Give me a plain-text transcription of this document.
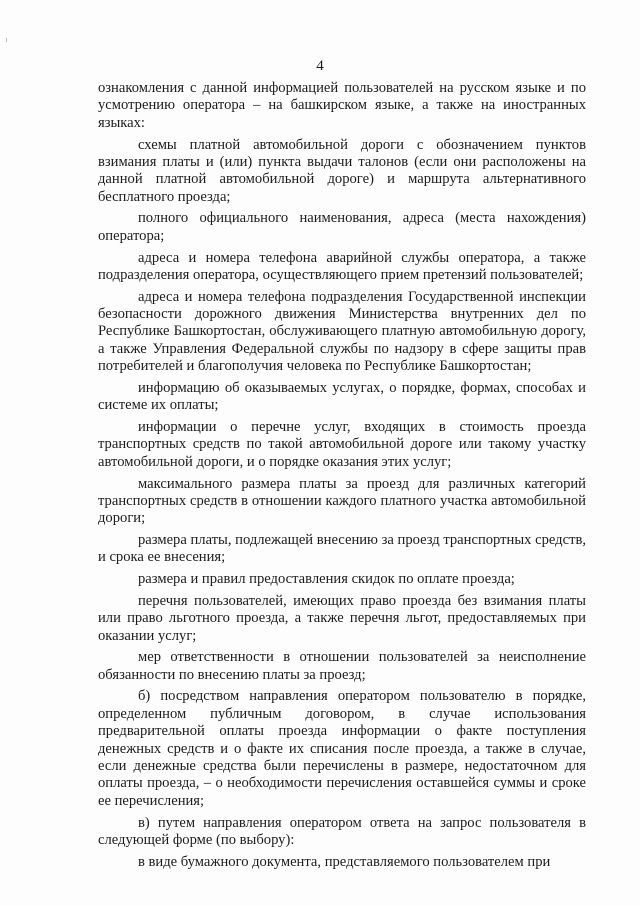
4

ознакомления с данной информацией пользователей на русском языке и по усмотрению оператора – на башкирском языке, а также на иностранных языках:

схемы платной автомобильной дороги с обозначением пунктов взимания платы и (или) пункта выдачи талонов (если они расположены на данной платной автомобильной дороге) и маршрута альтернативного бесплатного проезда;

полного официального наименования, адреса (места нахождения) оператора;

адреса и номера телефона аварийной службы оператора, а также подразделения оператора, осуществляющего прием претензий пользователей;

адреса и номера телефона подразделения Государственной инспекции безопасности дорожного движения Министерства внутренних дел по Республике Башкортостан, обслуживающего платную автомобильную дорогу, а также Управления Федеральной службы по надзору в сфере защиты прав потребителей и благополучия человека по Республике Башкортостан;

информацию об оказываемых услугах, о порядке, формах, способах и системе их оплаты;

информации о перечне услуг, входящих в стоимость проезда транспортных средств по такой автомобильной дороге или такому участку автомобильной дороги, и о порядке оказания этих услуг;

максимального размера платы за проезд для различных категорий транспортных средств в отношении каждого платного участка автомобильной дороги;

размера платы, подлежащей внесению за проезд транспортных средств, и срока ее внесения;

размера и правил предоставления скидок по оплате проезда;

перечня пользователей, имеющих право проезда без взимания платы или право льготного проезда, а также перечня льгот, предоставляемых при оказании услуг;

мер ответственности в отношении пользователей за неисполнение обязанности по внесению платы за проезд;

б) посредством направления оператором пользователю в порядке, определенном публичным договором, в случае использования предварительной оплаты проезда информации о факте поступления денежных средств и о факте их списания после проезда, а также в случае, если денежные средства были перечислены в размере, недостаточном для оплаты проезда, – о необходимости перечисления оставшейся суммы и сроке ее перечисления;

в) путем направления оператором ответа на запрос пользователя в следующей форме (по выбору):

в виде бумажного документа, представляемого пользователем при
